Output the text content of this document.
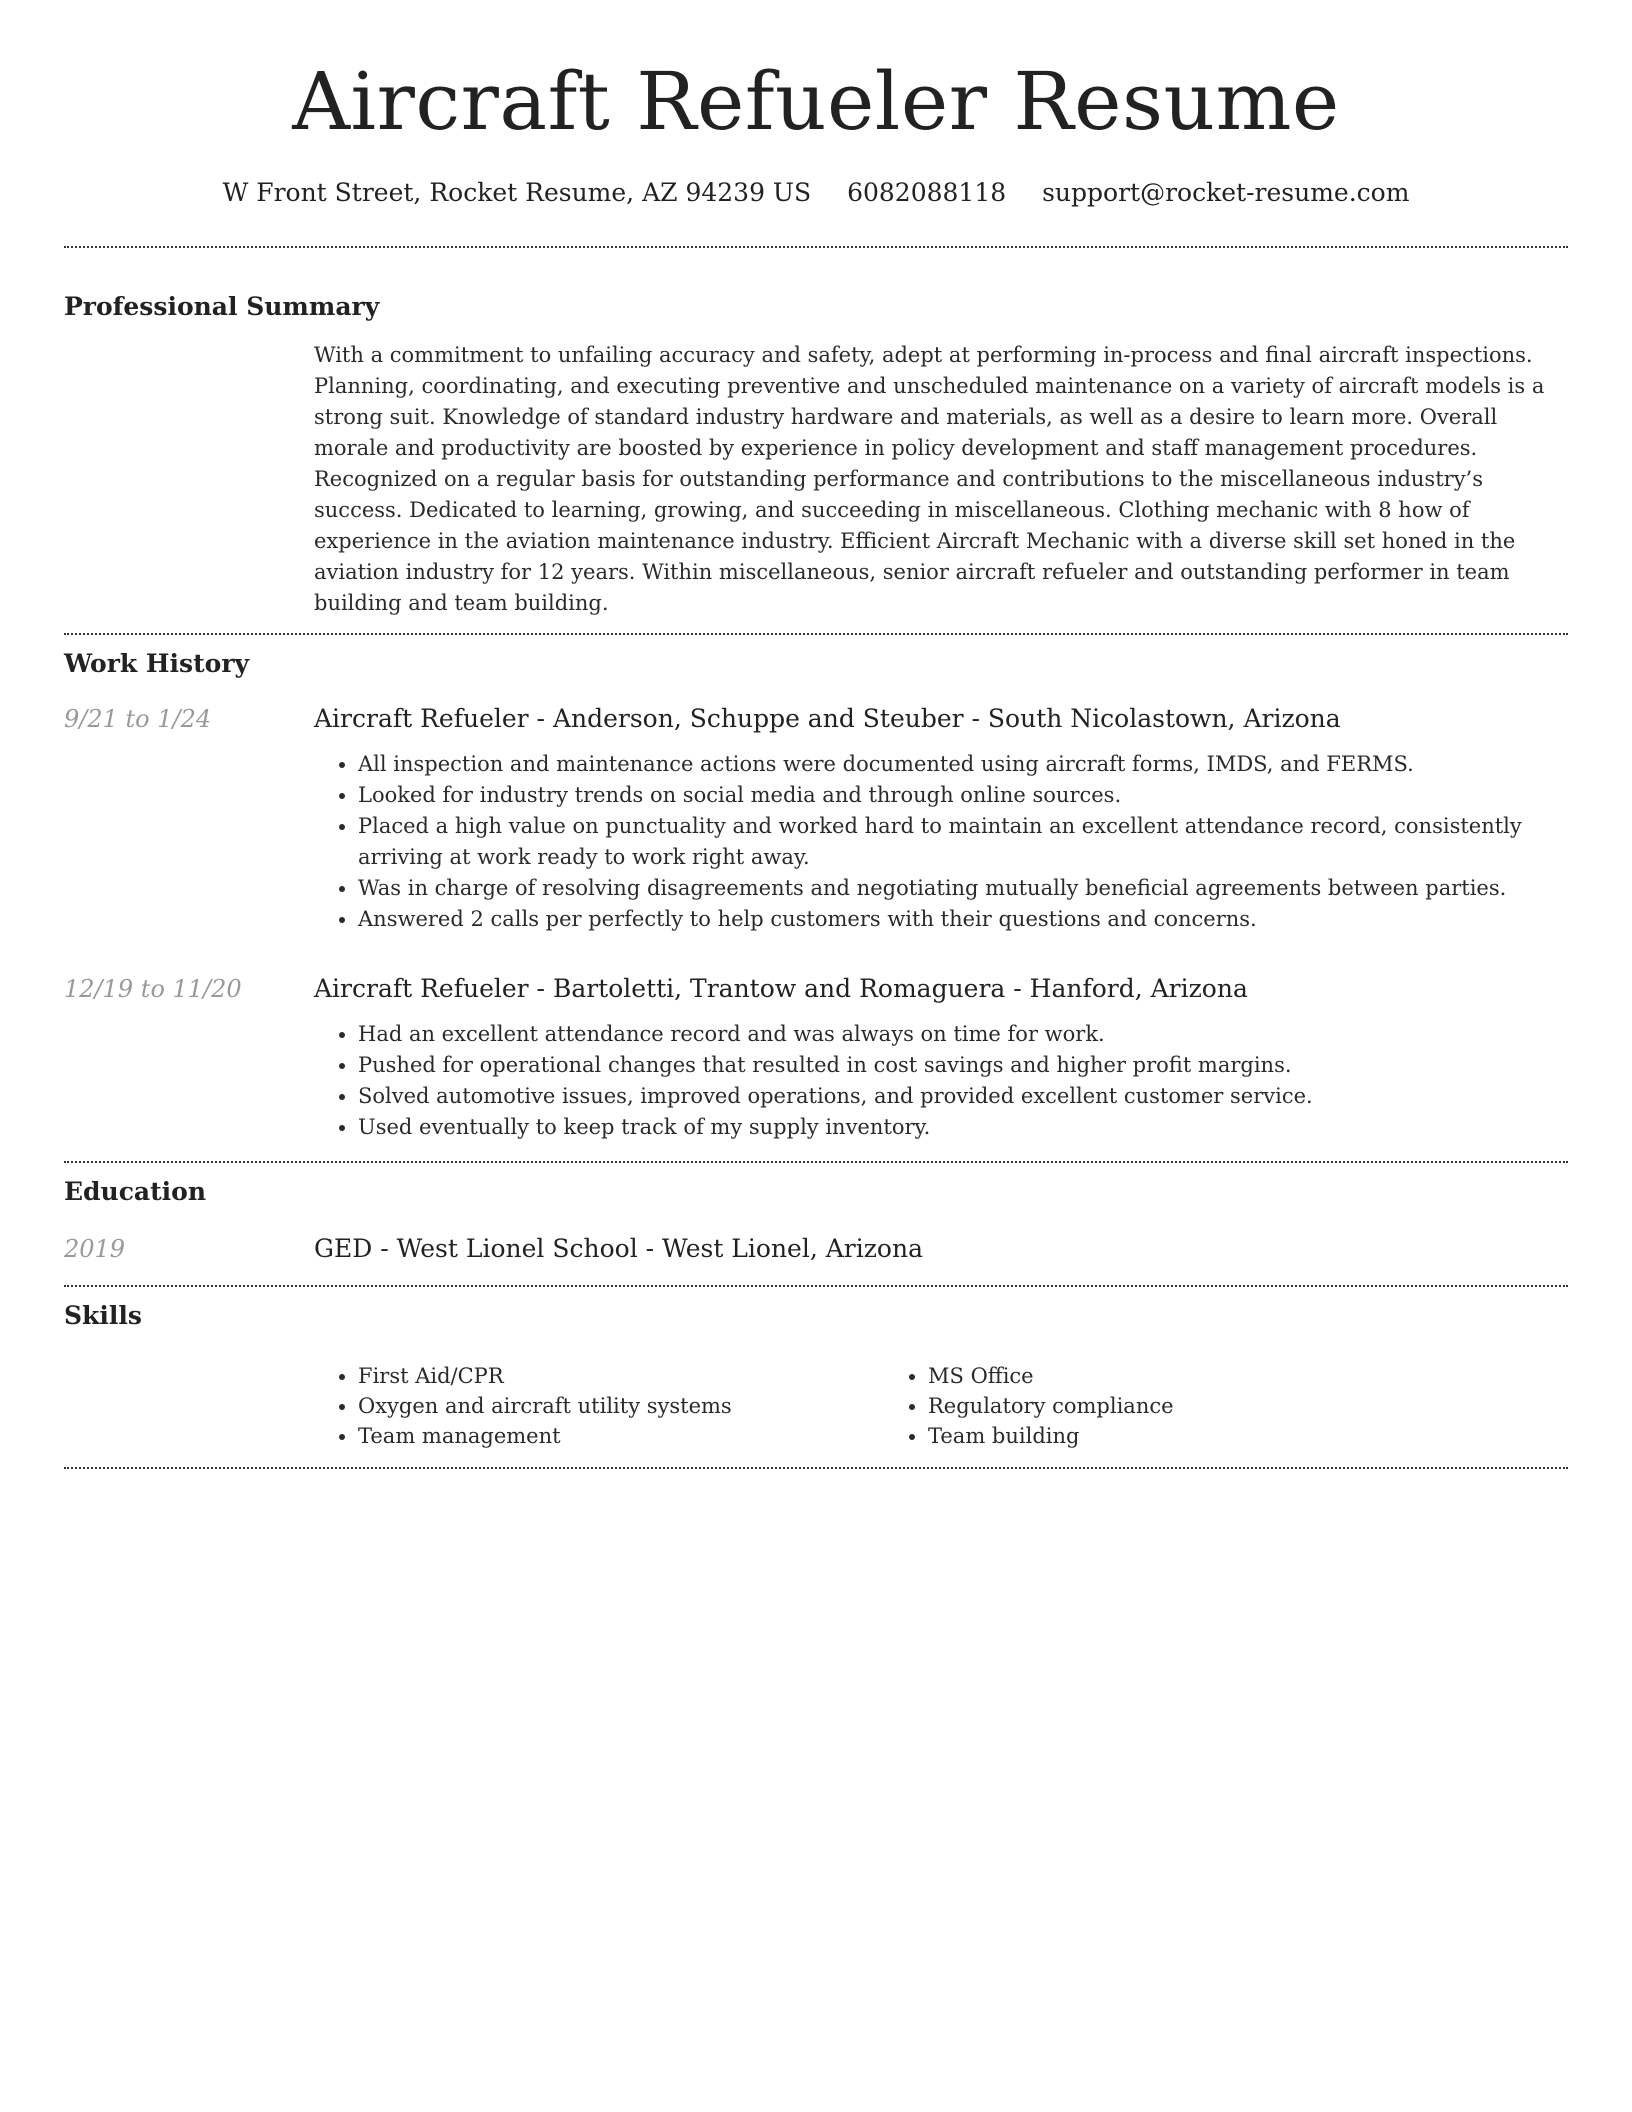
Aircraft Refueler Resume
W Front Street, Rocket Resume, AZ 94239 US 6082088118 support@rocket-resume.com
Professional Summary

With a commitment to unfailing accuracy and safety, adept at performing in-process and final aircraft inspections. Planning, coordinating, and executing preventive and unscheduled maintenance on a variety of aircraft models is a strong suit. Knowledge of standard industry hardware and materials, as well as a desire to learn more. Overall morale and productivity are boosted by experience in policy development and staff management procedures. Recognized on a regular basis for outstanding performance and contributions to the miscellaneous industry’s success. Dedicated to learning, growing, and succeeding in miscellaneous. Clothing mechanic with 8 how of experience in the aviation maintenance industry. Efficient Aircraft Mechanic with a diverse skill set honed in the aviation industry for 12 years. Within miscellaneous, senior aircraft refueler and outstanding performer in team building and team building.

Work History
9/21 to 1/24	Aircraft Refueler - Anderson, Schuppe and Steuber - South Nicolastown, Arizona
• All inspection and maintenance actions were documented using aircraft forms, IMDS, and FERMS.
• Looked for industry trends on social media and through online sources.
• Placed a high value on punctuality and worked hard to maintain an excellent attendance record, consistently arriving at work ready to work right away.
• Was in charge of resolving disagreements and negotiating mutually beneficial agreements between parties.
• Answered 2 calls per perfectly to help customers with their questions and concerns.
12/19 to 11/20	Aircraft Refueler - Bartoletti, Trantow and Romaguera - Hanford, Arizona
• Had an excellent attendance record and was always on time for work.
• Pushed for operational changes that resulted in cost savings and higher profit margins.
• Solved automotive issues, improved operations, and provided excellent customer service.
• Used eventually to keep track of my supply inventory.
Education
2019	GED - West Lionel School - West Lionel, Arizona
Skills
• First Aid/CPR
• Oxygen and aircraft utility systems
• Team management
• MS Office
• Regulatory compliance
• Team building
